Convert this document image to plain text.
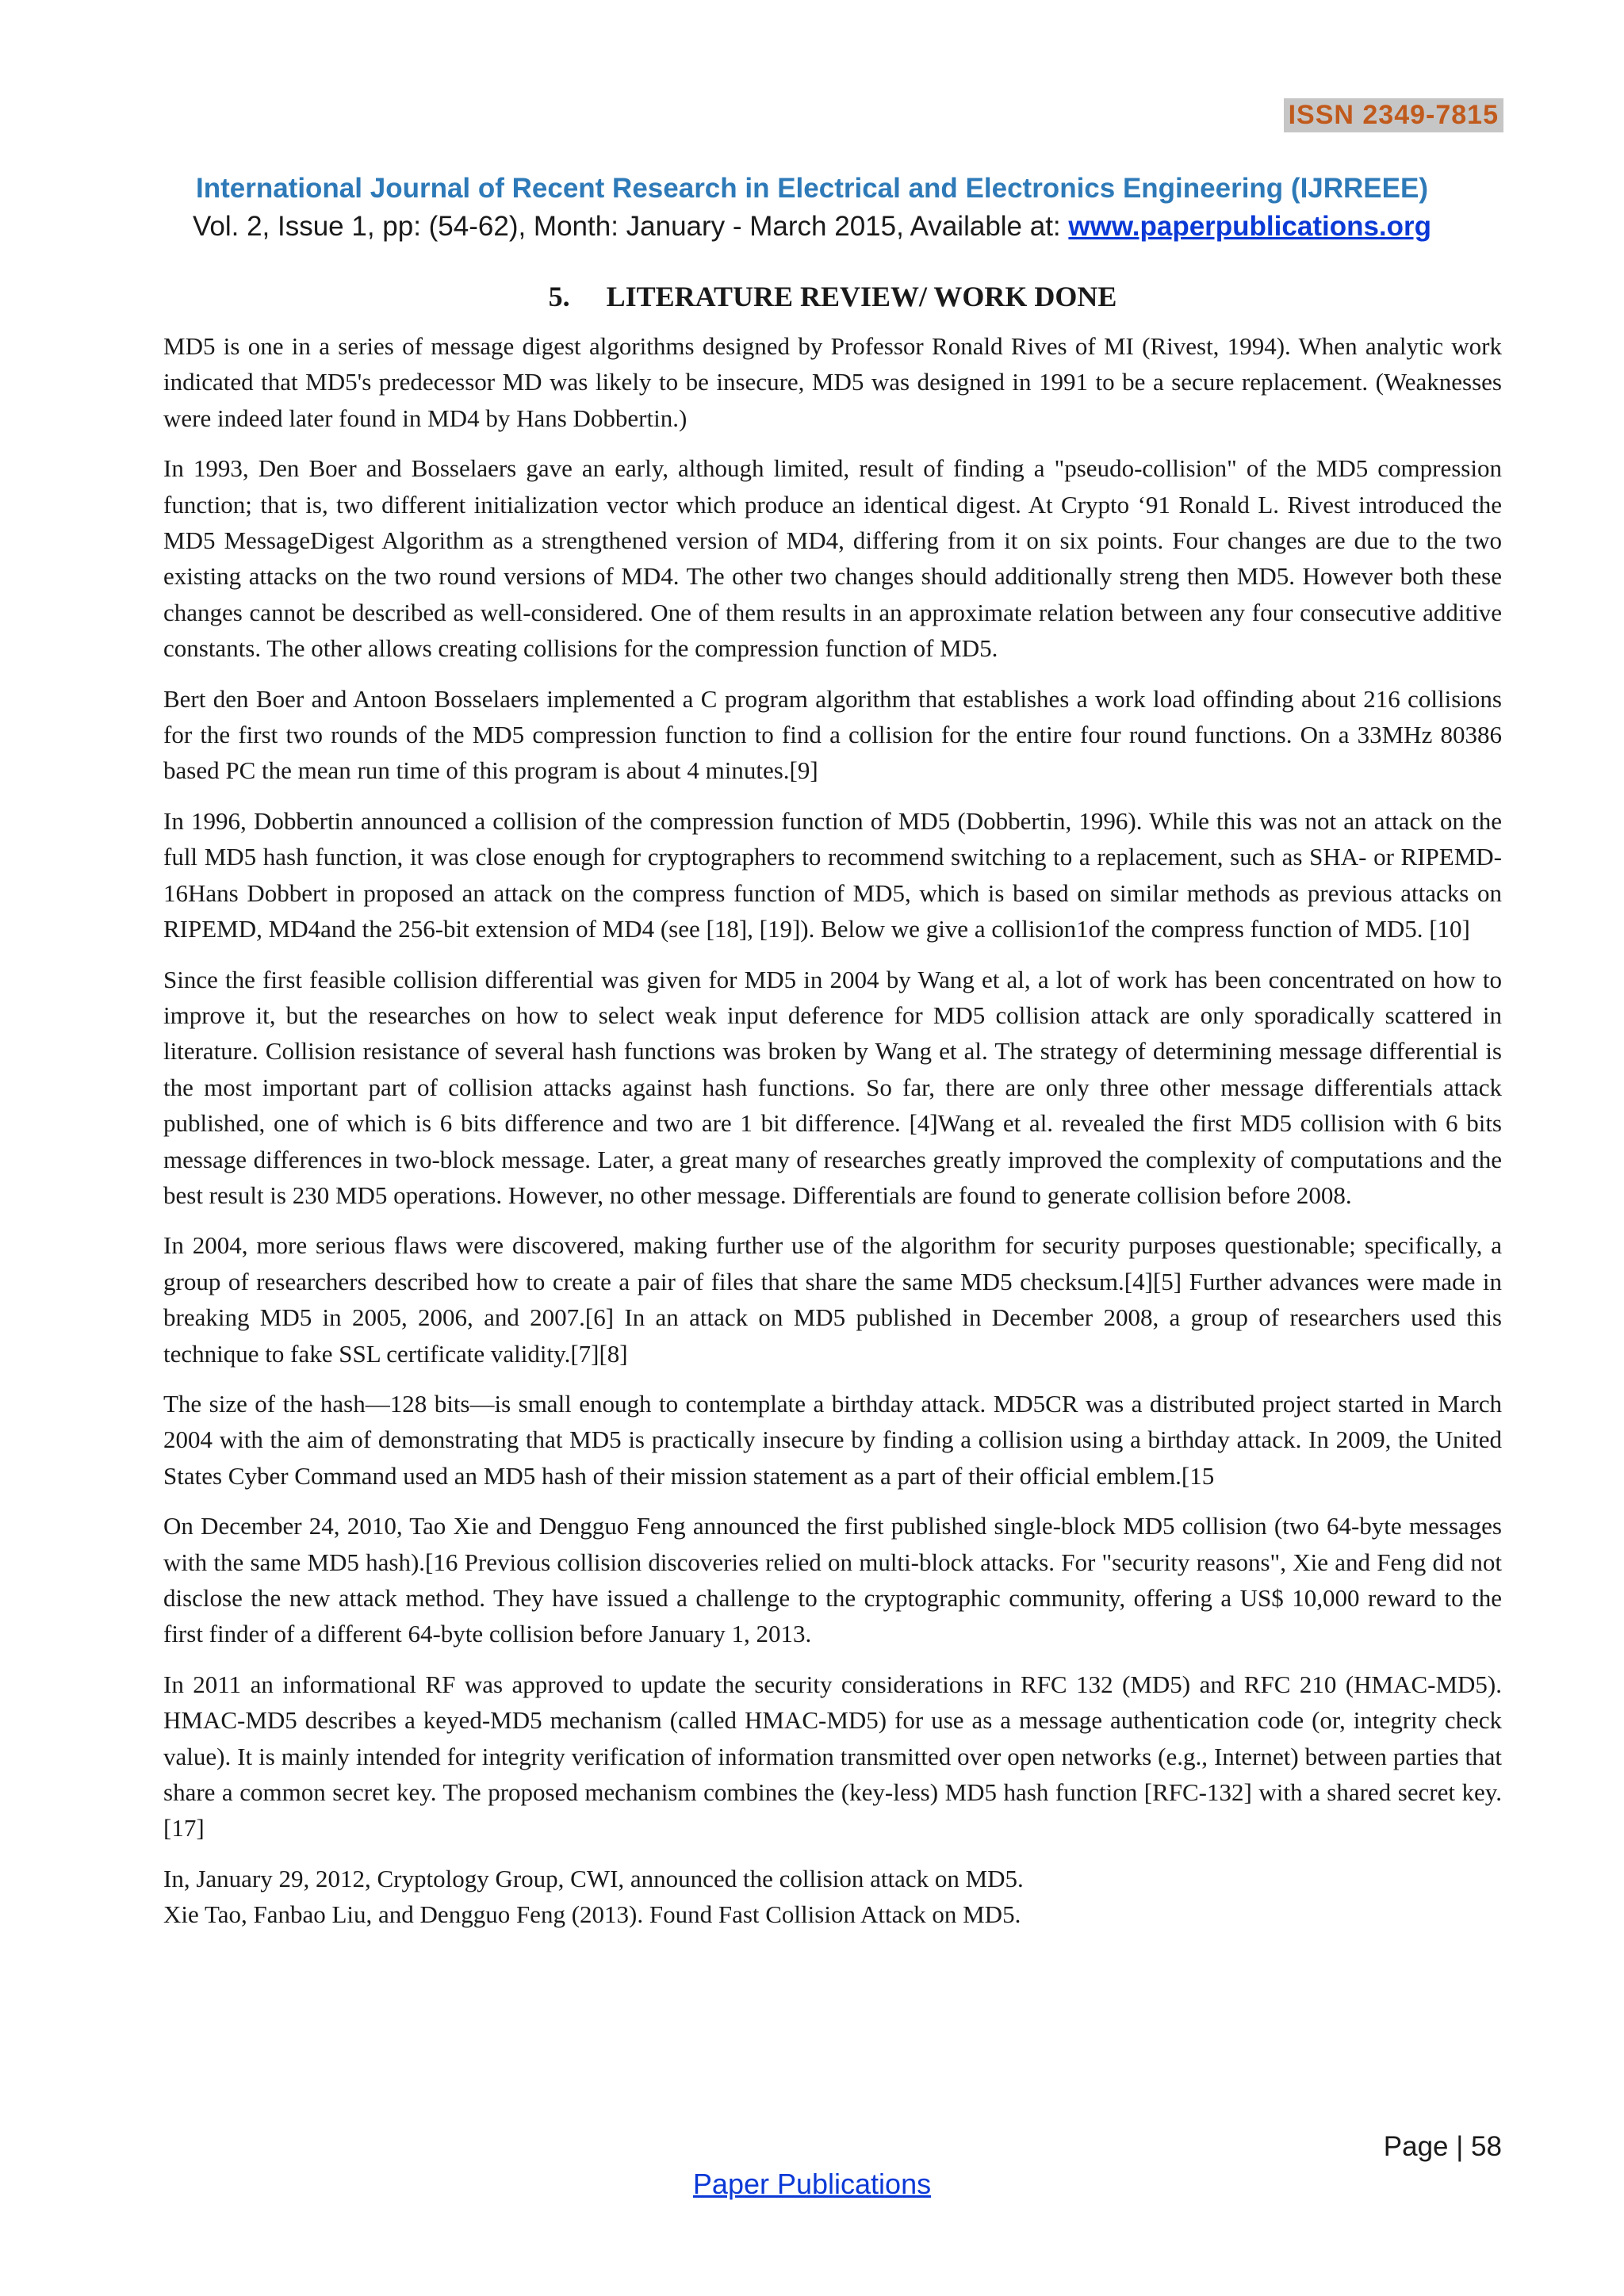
ISSN 2349-7815
International Journal of Recent Research in Electrical and Electronics Engineering (IJRREEE)
Vol. 2, Issue 1, pp: (54-62), Month: January - March 2015, Available at: www.paperpublications.org
5. LITERATURE REVIEW/ WORK DONE

MD5 is one in a series of message digest algorithms designed by Professor Ronald Rives of MI (Rivest, 1994). When analytic work indicated that MD5's predecessor MD was likely to be insecure, MD5 was designed in 1991 to be a secure replacement. (Weaknesses were indeed later found in MD4 by Hans Dobbertin.)

In 1993, Den Boer and Bosselaers gave an early, although limited, result of finding a "pseudo-collision" of the MD5 compression function; that is, two different initialization vector which produce an identical digest. At Crypto ‘91 Ronald L. Rivest introduced the MD5 MessageDigest Algorithm as a strengthened version of MD4, differing from it on six points. Four changes are due to the two existing attacks on the two round versions of MD4. The other two changes should additionally streng then MD5. However both these changes cannot be described as well-considered. One of them results in an approximate relation between any four consecutive additive constants. The other allows creating collisions for the compression function of MD5.

Bert den Boer and Antoon Bosselaers implemented a C program algorithm that establishes a work load offinding about 216 collisions for the first two rounds of the MD5 compression function to find a collision for the entire four round functions. On a 33MHz 80386 based PC the mean run time of this program is about 4 minutes.[9]

In 1996, Dobbertin announced a collision of the compression function of MD5 (Dobbertin, 1996). While this was not an attack on the full MD5 hash function, it was close enough for cryptographers to recommend switching to a replacement, such as SHA- or RIPEMD-16Hans Dobbert in proposed an attack on the compress function of MD5, which is based on similar methods as previous attacks on RIPEMD, MD4and the 256-bit extension of MD4 (see [18], [19]). Below we give a collision1of the compress function of MD5. [10]

Since the first feasible collision differential was given for MD5 in 2004 by Wang et al, a lot of work has been concentrated on how to improve it, but the researches on how to select weak input deference for MD5 collision attack are only sporadically scattered in literature. Collision resistance of several hash functions was broken by Wang et al. The strategy of determining message differential is the most important part of collision attacks against hash functions. So far, there are only three other message differentials attack published, one of which is 6 bits difference and two are 1 bit difference. [4]Wang et al. revealed the first MD5 collision with 6 bits message differences in two-block message. Later, a great many of researches greatly improved the complexity of computations and the best result is 230 MD5 operations. However, no other message. Differentials are found to generate collision before 2008.

In 2004, more serious flaws were discovered, making further use of the algorithm for security purposes questionable; specifically, a group of researchers described how to create a pair of files that share the same MD5 checksum.[4][5] Further advances were made in breaking MD5 in 2005, 2006, and 2007.[6] In an attack on MD5 published in December 2008, a group of researchers used this technique to fake SSL certificate validity.[7][8]

The size of the hash—128 bits—is small enough to contemplate a birthday attack. MD5CR was a distributed project started in March 2004 with the aim of demonstrating that MD5 is practically insecure by finding a collision using a birthday attack. In 2009, the United States Cyber Command used an MD5 hash of their mission statement as a part of their official emblem.[15

On December 24, 2010, Tao Xie and Dengguo Feng announced the first published single-block MD5 collision (two 64-byte messages with the same MD5 hash).[16 Previous collision discoveries relied on multi-block attacks. For "security reasons", Xie and Feng did not disclose the new attack method. They have issued a challenge to the cryptographic community, offering a US$ 10,000 reward to the first finder of a different 64-byte collision before January 1, 2013.

In 2011 an informational RF was approved to update the security considerations in RFC 132 (MD5) and RFC 210 (HMAC-MD5). HMAC-MD5 describes a keyed-MD5 mechanism (called HMAC-MD5) for use as a message authentication code (or, integrity check value). It is mainly intended for integrity verification of information transmitted over open networks (e.g., Internet) between parties that share a common secret key. The proposed mechanism combines the (key-less) MD5 hash function [RFC-132] with a shared secret key. [17]

In, January 29, 2012, Cryptology Group, CWI, announced the collision attack on MD5.

Xie Tao, Fanbao Liu, and Dengguo Feng (2013). Found Fast Collision Attack on MD5.

Page | 58
Paper Publications
